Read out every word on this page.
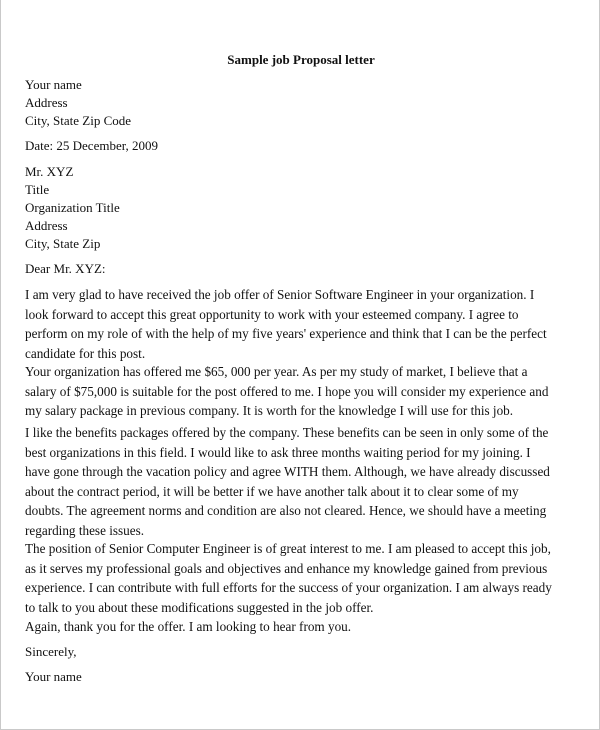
Sample job Proposal letter
Your name
Address
City, State Zip Code
Date: 25 December, 2009
Mr. XYZ
Title
Organization Title
Address
City, State Zip
Dear Mr. XYZ:
I am very glad to have received the job offer of Senior Software Engineer in your organization. I
look forward to accept this great opportunity to work with your esteemed company. I agree to
perform on my role of with the help of my five years' experience and think that I can be the perfect
candidate for this post.
Your organization has offered me $65, 000 per year. As per my study of market, I believe that a
salary of $75,000 is suitable for the post offered to me. I hope you will consider my experience and
my salary package in previous company. It is worth for the knowledge I will use for this job.
I like the benefits packages offered by the company. These benefits can be seen in only some of the
best organizations in this field. I would like to ask three months waiting period for my joining. I
have gone through the vacation policy and agree WITH them. Although, we have already discussed
about the contract period, it will be better if we have another talk about it to clear some of my
doubts. The agreement norms and condition are also not cleared. Hence, we should have a meeting
regarding these issues.
The position of Senior Computer Engineer is of great interest to me. I am pleased to accept this job,
as it serves my professional goals and objectives and enhance my knowledge gained from previous
experience. I can contribute with full efforts for the success of your organization. I am always ready
to talk to you about these modifications suggested in the job offer.
Again, thank you for the offer. I am looking to hear from you.
Sincerely,
Your name
